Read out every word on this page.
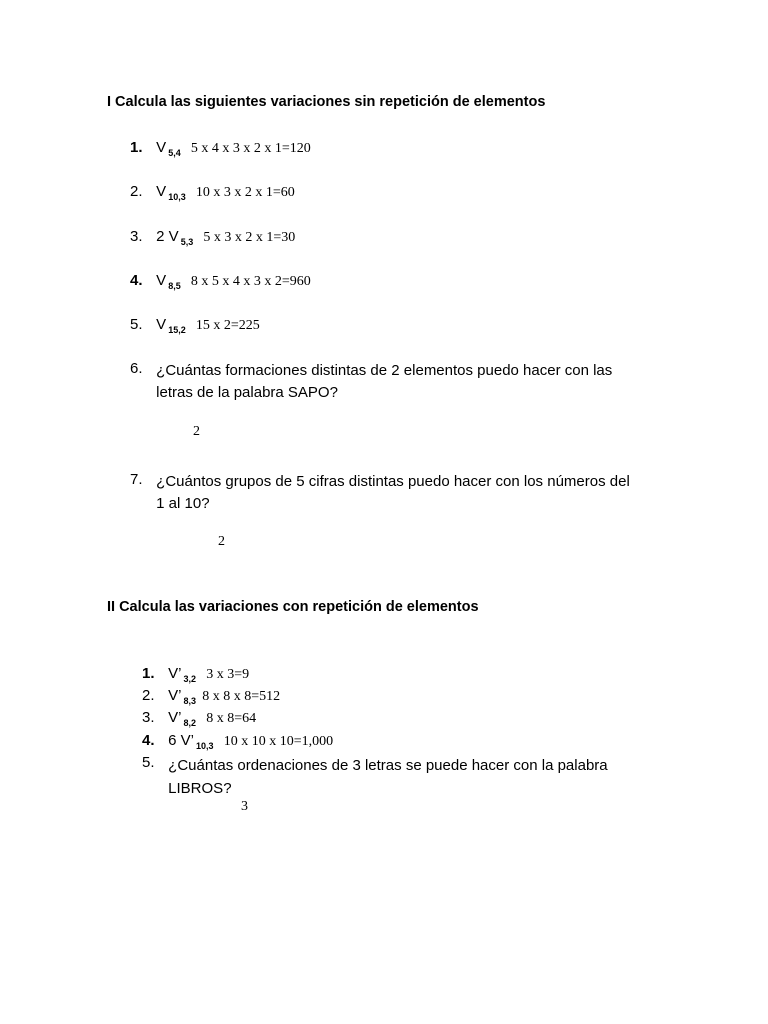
I Calcula las siguientes variaciones sin repetición de elementos
1. V $_{5,4}$ 5 x 4 x 3 x 2 x 1=120
2. V $_{10,3}$ 10 x 3 x 2 x 1=60
3. 2 V $_{5,3}$ 5 x 3 x 2 x 1=30
4. V $_{8,5}$ 8 x 5 x 4 x 3 x 2=960
5. V $_{15,2}$ 15 x 2=225
6. ¿Cuántas formaciones distintas de 2 elementos puedo hacer con las
letras de la palabra SAPO?
2
7. ¿Cuántos grupos de 5 cifras distintas puedo hacer con los números del
1 al 10?
2
II Calcula las variaciones con repetición de elementos
1. V’ $_{3,2}$ 3 x 3=9
2. V’ $_{8,3}$ 8 x 8 x 8=512
3. V’ $_{8,2}$ 8 x 8=64
4. 6 V’ $_{10,3}$ 10 x 10 x 10=1,000
5. ¿Cuántas ordenaciones de 3 letras se puede hacer con la palabra
LIBROS?
3
